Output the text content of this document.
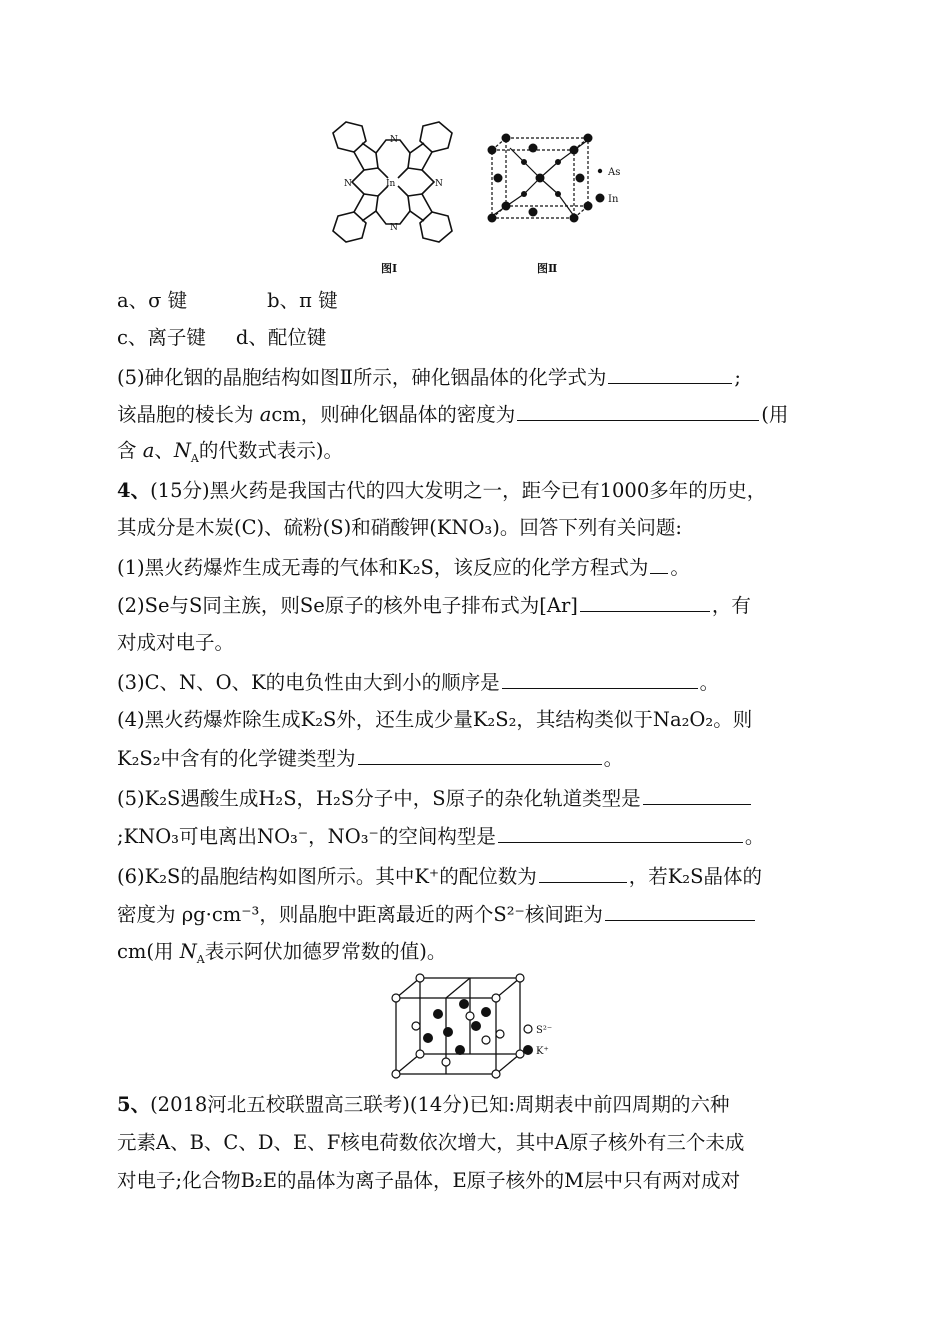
N
N
N	N
In
图Ⅰ
As
In
图Ⅱ
a、σ 键	b、π 键
c、离子键 d、配位键
(5)砷化铟的晶胞结构如图Ⅱ所示，砷化铟晶体的化学式为	;
该晶胞的棱长为 acm，则砷化铟晶体的密度为	(用
含 a、$N_A$的代数式表示)。
4、(15分)黑火药是我国古代的四大发明之一，距今已有1000多年的历史，
其成分是木炭(C)、硫粉(S)和硝酸钾(KNO₃)。回答下列有关问题:
(1)黑火药爆炸生成无毒的气体和K₂S，该反应的化学方程式为 。
(2)Se与S同主族，则Se原子的核外电子排布式为[Ar]	，有
对成对电子。
(3)C、N、O、K的电负性由大到小的顺序是	。
(4)黑火药爆炸除生成K₂S外，还生成少量K₂S₂，其结构类似于Na₂O₂。则
K₂S₂中含有的化学键类型为	。
(5)K₂S遇酸生成H₂S，H₂S分子中，S原子的杂化轨道类型是
;KNO₃可电离出NO₃⁻，NO₃⁻的空间构型是	。
(6)K₂S的晶胞结构如图所示。其中K⁺的配位数为	，若K₂S晶体的
密度为 ρg·cm⁻³，则晶胞中距离最近的两个S²⁻核间距为
cm(用 $N_A$表示阿伏加德罗常数的值)。
S²⁻
K⁺
5、(2018河北五校联盟高三联考)(14分)已知:周期表中前四周期的六种
元素A、B、C、D、E、F核电荷数依次增大，其中A原子核外有三个未成
对电子;化合物B₂E的晶体为离子晶体，E原子核外的M层中只有两对成对
